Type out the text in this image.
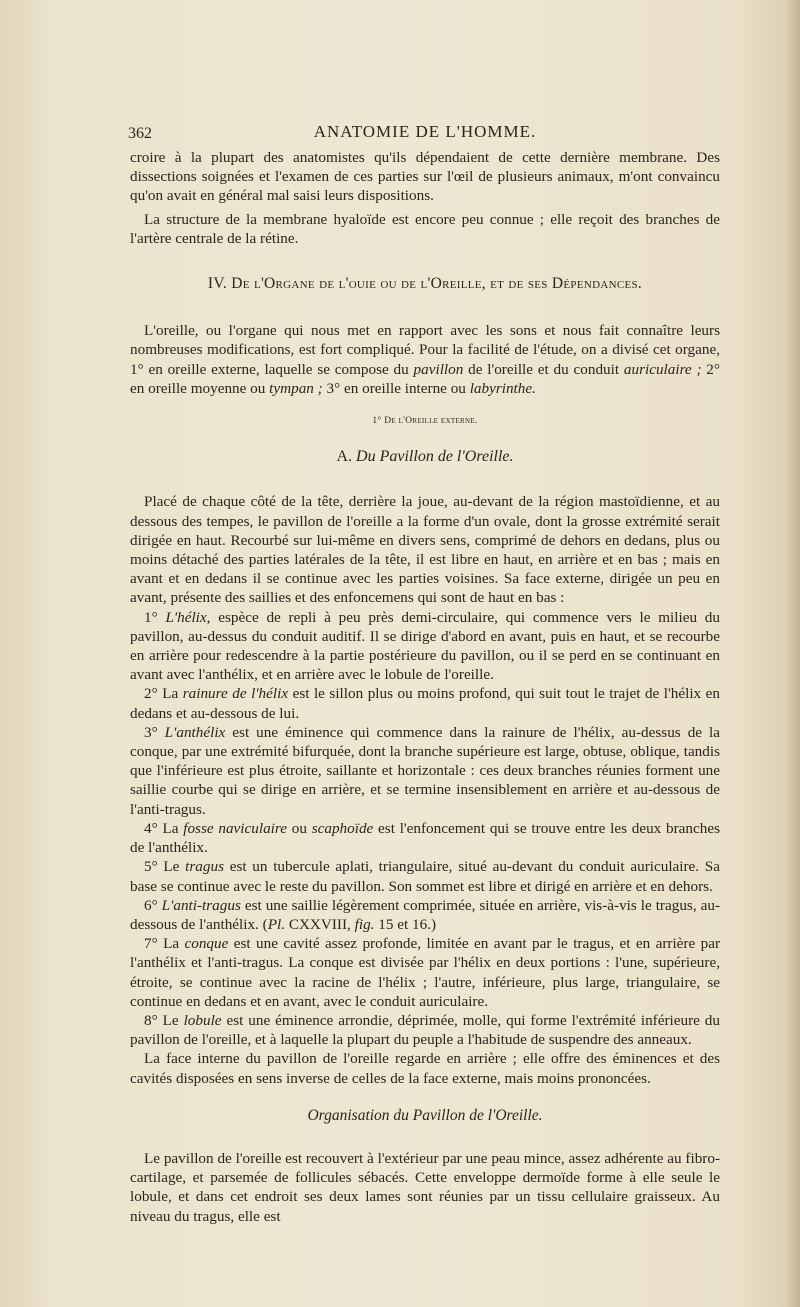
362	ANATOMIE DE L'HOMME.

croire à la plupart des anatomistes qu'ils dépendaient de cette dernière membrane. Des dissections soignées et l'examen de ces parties sur l'œil de plusieurs animaux, m'ont convaincu qu'on avait en général mal saisi leurs dispositions.

La structure de la membrane hyaloïde est encore peu connue ; elle reçoit des branches de l'artère centrale de la rétine.

IV. De l'Organe de l'ouie ou de l'Oreille, et de ses Dépendances.

L'oreille, ou l'organe qui nous met en rapport avec les sons et nous fait connaître leurs nombreuses modifications, est fort compliqué. Pour la facilité de l'étude, on a divisé cet organe, 1° en oreille externe, laquelle se compose du pavillon de l'oreille et du conduit auriculaire ; 2° en oreille moyenne ou tympan ; 3° en oreille interne ou labyrinthe.

1° De l'Oreille externe.
A. Du Pavillon de l'Oreille.

Placé de chaque côté de la tête, derrière la joue, au-devant de la région mastoïdienne, et au dessous des tempes, le pavillon de l'oreille a la forme d'un ovale, dont la grosse extrémité serait dirigée en haut. Recourbé sur lui-même en divers sens, comprimé de dehors en dedans, plus ou moins détaché des parties latérales de la tête, il est libre en haut, en arrière et en bas ; mais en avant et en dedans il se continue avec les parties voisines. Sa face externe, dirigée un peu en avant, présente des saillies et des enfoncemens qui sont de haut en bas :

1° L'hélix, espèce de repli à peu près demi-circulaire, qui commence vers le milieu du pavillon, au-dessus du conduit auditif. Il se dirige d'abord en avant, puis en haut, et se recourbe en arrière pour redescendre à la partie postérieure du pavillon, ou il se perd en se continuant en avant avec l'anthélix, et en arrière avec le lobule de l'oreille.

2° La rainure de l'hélix est le sillon plus ou moins profond, qui suit tout le trajet de l'hélix en dedans et au-dessous de lui.

3° L'anthélix est une éminence qui commence dans la rainure de l'hélix, au-dessus de la conque, par une extrémité bifurquée, dont la branche supérieure est large, obtuse, oblique, tandis que l'inférieure est plus étroite, saillante et horizontale : ces deux branches réunies forment une saillie courbe qui se dirige en arrière, et se termine insensiblement en arrière et au-dessous de l'anti-tragus.

4° La fosse naviculaire ou scaphoïde est l'enfoncement qui se trouve entre les deux branches de l'anthélix.

5° Le tragus est un tubercule aplati, triangulaire, situé au-devant du conduit auriculaire. Sa base se continue avec le reste du pavillon. Son sommet est libre et dirigé en arrière et en dehors.

6° L'anti-tragus est une saillie légèrement comprimée, située en arrière, vis-à-vis le tragus, au-dessous de l'anthélix. (Pl. CXXVIII, fig. 15 et 16.)

7° La conque est une cavité assez profonde, limitée en avant par le tragus, et en arrière par l'anthélix et l'anti-tragus. La conque est divisée par l'hélix en deux portions : l'une, supérieure, étroite, se continue avec la racine de l'hélix ; l'autre, inférieure, plus large, triangulaire, se continue en dedans et en avant, avec le conduit auriculaire.

8° Le lobule est une éminence arrondie, déprimée, molle, qui forme l'extrémité inférieure du pavillon de l'oreille, et à laquelle la plupart du peuple a l'habitude de suspendre des anneaux.

La face interne du pavillon de l'oreille regarde en arrière ; elle offre des éminences et des cavités disposées en sens inverse de celles de la face externe, mais moins prononcées.

Organisation du Pavillon de l'Oreille.

Le pavillon de l'oreille est recouvert à l'extérieur par une peau mince, assez adhérente au fibro-cartilage, et parsemée de follicules sébacés. Cette enveloppe dermoïde forme à elle seule le lobule, et dans cet endroit ses deux lames sont réunies par un tissu cellulaire graisseux. Au niveau du tragus, elle est
